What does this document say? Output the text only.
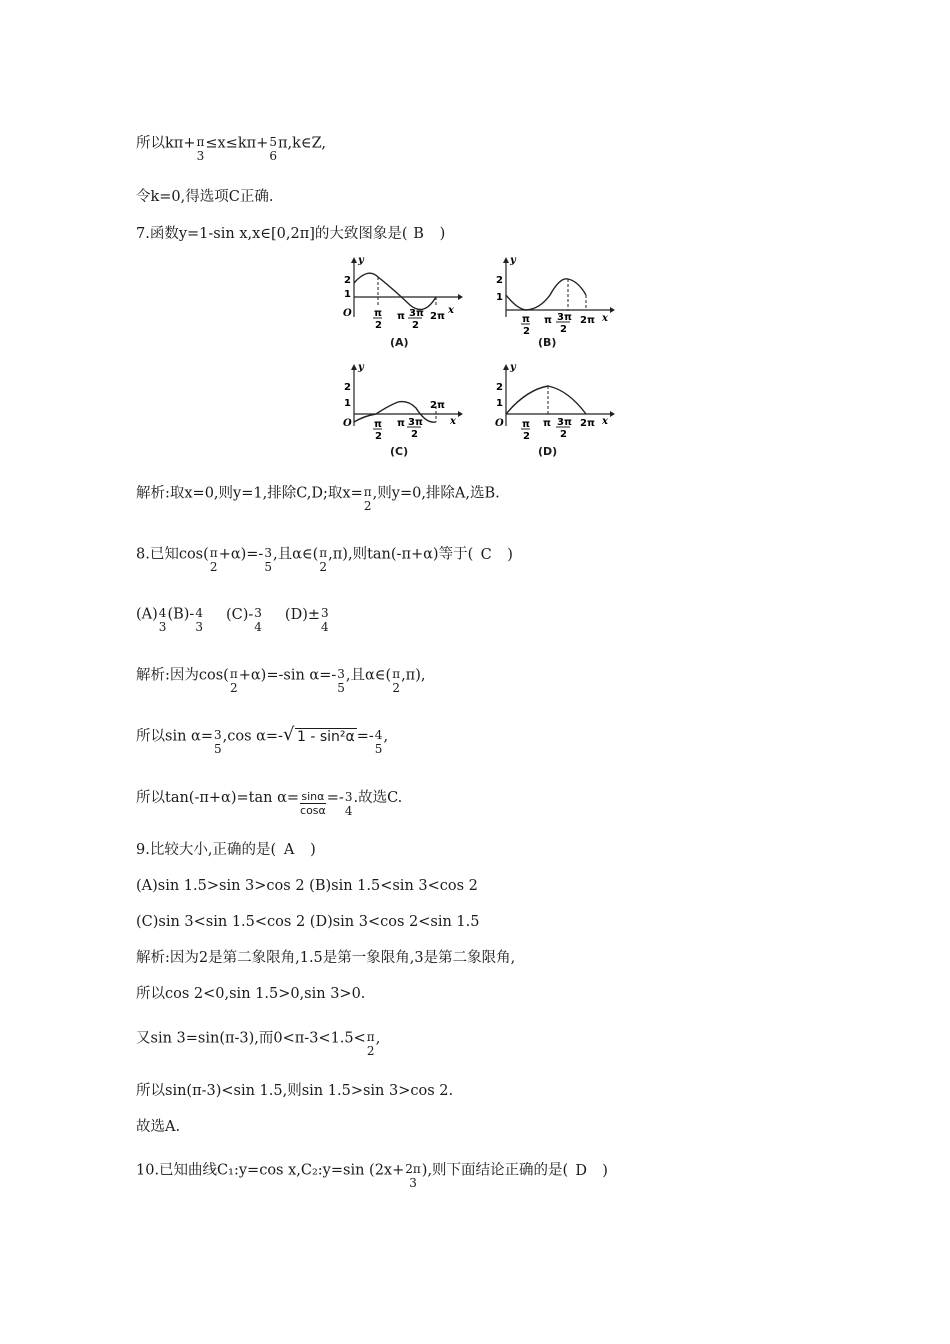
所以kπ+ π
3
≤x≤kπ+ 5
6
π,k∈Z,
令k=0,得选项C正确.
7.函数y=1-sin x,x∈[0,2π]的大致图象是( B )
y
x
O
2
1
π
2
π 3π
2
2π
(A)
y
x
2
1
π
2
π 3π
2
2π
(B)
y
x
O
2
1
π
2
π 3π
2
2π
(C)
y
x
O
2
1
π
2
π 3π
2
2π
(D)
解析:取x=0,则y=1,排除C,D;取x= π
2
,则y=0,排除A,选B.
8.已知cos( π
2
+α)=- 3
5
,且α∈( π
2
,π),则tan(-π+α)等于( C )
(A) 4
3
(B)- 4
3
(C)- 3
4
(D)± 3
4
解析:因为cos( π
2
+α)=-sin α=- 3
5
,且α∈( π
2
,π),
所以sin α= 3
5
,cos α=-√ 1 - sin²α =- 4
5
,
所以tan(-π+α)=tan $\alpha= \frac{\sin\alpha}{\cos\alpha} =- 3$
4
.故选C.
9.比较大小,正确的是( A )
(A)sin 1.5>sin 3>cos 2 (B)sin 1.5<sin 3<cos 2
(C)sin 3<sin 1.5<cos 2 (D)sin 3<cos 2<sin 1.5
解析:因为2是第二象限角,1.5是第一象限角,3是第二象限角,
所以cos 2<0,sin 1.5>0,sin 3>0.
又sin 3=sin(π-3),而0<π-3<1.5< π
2
,
所以sin(π-3)<sin 1.5,则sin 1.5>sin 3>cos 2.
故选A.
10.已知曲线C₁:y=cos x,C₂:y=sin (2x+ 2π
3
),则下面结论正确的是( D )
